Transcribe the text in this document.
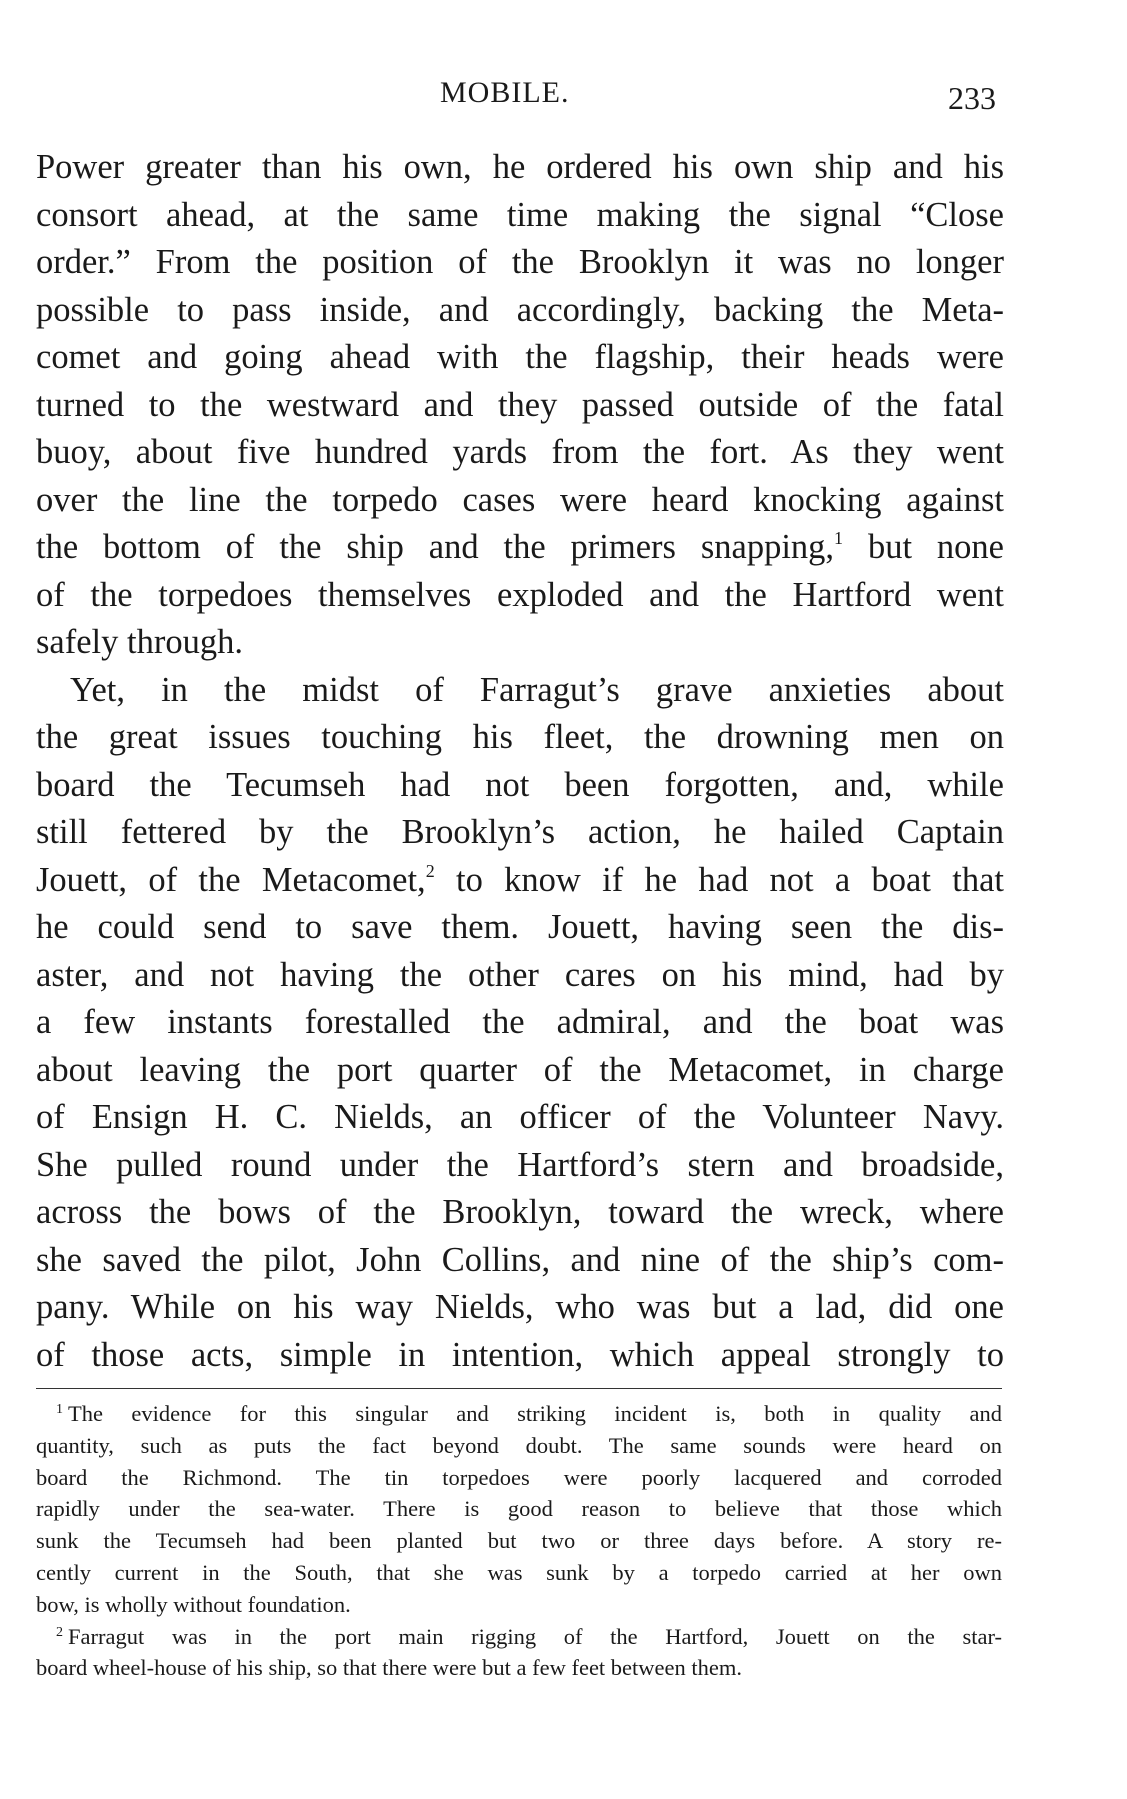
MOBILE.	233
Power greater than his own, he ordered his own ship and his
consort ahead, at the same time making the signal “Close
order.” From the position of the Brooklyn it was no longer
possible to pass inside, and accordingly, backing the Meta-
comet and going ahead with the flagship, their heads were
turned to the westward and they passed outside of the fatal
buoy, about five hundred yards from the fort. As they went
over the line the torpedo cases were heard knocking against
the bottom of the ship and the primers snapping,$^1$ but none
of the torpedoes themselves exploded and the Hartford went
safely through.
Yet, in the midst of Farragut’s grave anxieties about
the great issues touching his fleet, the drowning men on
board the Tecumseh had not been forgotten, and, while
still fettered by the Brooklyn’s action, he hailed Captain
Jouett, of the Metacomet,$^2$ to know if he had not a boat that
he could send to save them. Jouett, having seen the dis-
aster, and not having the other cares on his mind, had by
a few instants forestalled the admiral, and the boat was
about leaving the port quarter of the Metacomet, in charge
of Ensign H. C. Nields, an officer of the Volunteer Navy.
She pulled round under the Hartford’s stern and broadside,
across the bows of the Brooklyn, toward the wreck, where
she saved the pilot, John Collins, and nine of the ship’s com-
pany. While on his way Nields, who was but a lad, did one
of those acts, simple in intention, which appeal strongly to
$^1$ The evidence for this singular and striking incident is, both in quality and
quantity, such as puts the fact beyond doubt. The same sounds were heard on
board the Richmond. The tin torpedoes were poorly lacquered and corroded
rapidly under the sea-water. There is good reason to believe that those which
sunk the Tecumseh had been planted but two or three days before. A story re-
cently current in the South, that she was sunk by a torpedo carried at her own
bow, is wholly without foundation.
$^2$ Farragut was in the port main rigging of the Hartford, Jouett on the star-
board wheel-house of his ship, so that there were but a few feet between them.
